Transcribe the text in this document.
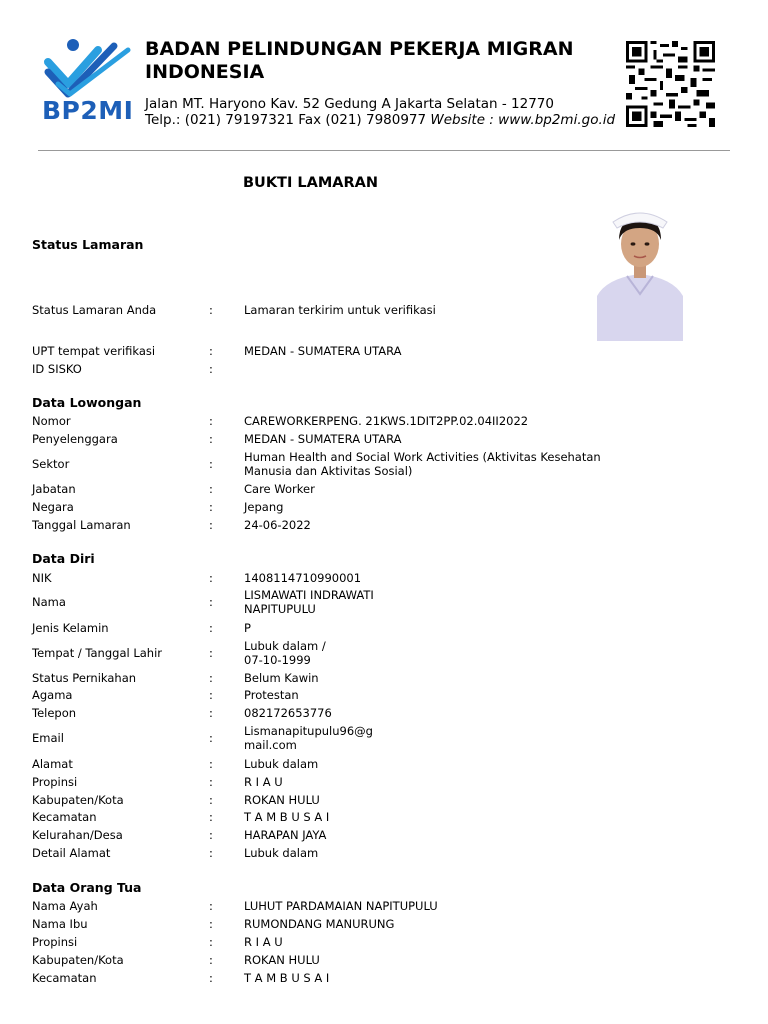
BP2MI
BADAN PELINDUNGAN PEKERJA MIGRAN INDONESIA
Jalan MT. Haryono Kav. 52 Gedung A Jakarta Selatan - 12770
Telp.: (021) 79197321 Fax (021) 7980977 Website : www.bp2mi.go.id
BUKTI LAMARAN
Status Lamaran
Status Lamaran Anda	:	Lamaran terkirim untuk verifikasi
UPT tempat verifikasi	:	MEDAN - SUMATERA UTARA
ID SISKO	:
Data Lowongan
Nomor	:	CAREWORKERPENG. 21KWS.1DIT2PP.02.04II2022
Penyelenggara	:	MEDAN - SUMATERA UTARA
Sektor	:	Human Health and Social Work Activities (Aktivitas Kesehatan Manusia dan Aktivitas Sosial)
Jabatan	:	Care Worker
Negara	:	Jepang
Tanggal Lamaran	:	24-06-2022
Data Diri
NIK	:	1408114710990001
Nama	:	LISMAWATI INDRAWATI NAPITUPULU
Jenis Kelamin	:	P
Tempat / Tanggal Lahir	:	Lubuk dalam / 07-10-1999
Status Pernikahan	:	Belum Kawin
Agama	:	Protestan
Telepon	:	082172653776
Email	:	Lismanapitupulu96@gmail.com
Alamat	:	Lubuk dalam
Propinsi	:	R I A U
Kabupaten/Kota	:	ROKAN HULU
Kecamatan	:	T A M B U S A I
Kelurahan/Desa	:	HARAPAN JAYA
Detail Alamat	:	Lubuk dalam
Data Orang Tua
Nama Ayah	:	LUHUT PARDAMAIAN NAPITUPULU
Nama Ibu	:	RUMONDANG MANURUNG
Propinsi	:	R I A U
Kabupaten/Kota	:	ROKAN HULU
Kecamatan	:	T A M B U S A I
